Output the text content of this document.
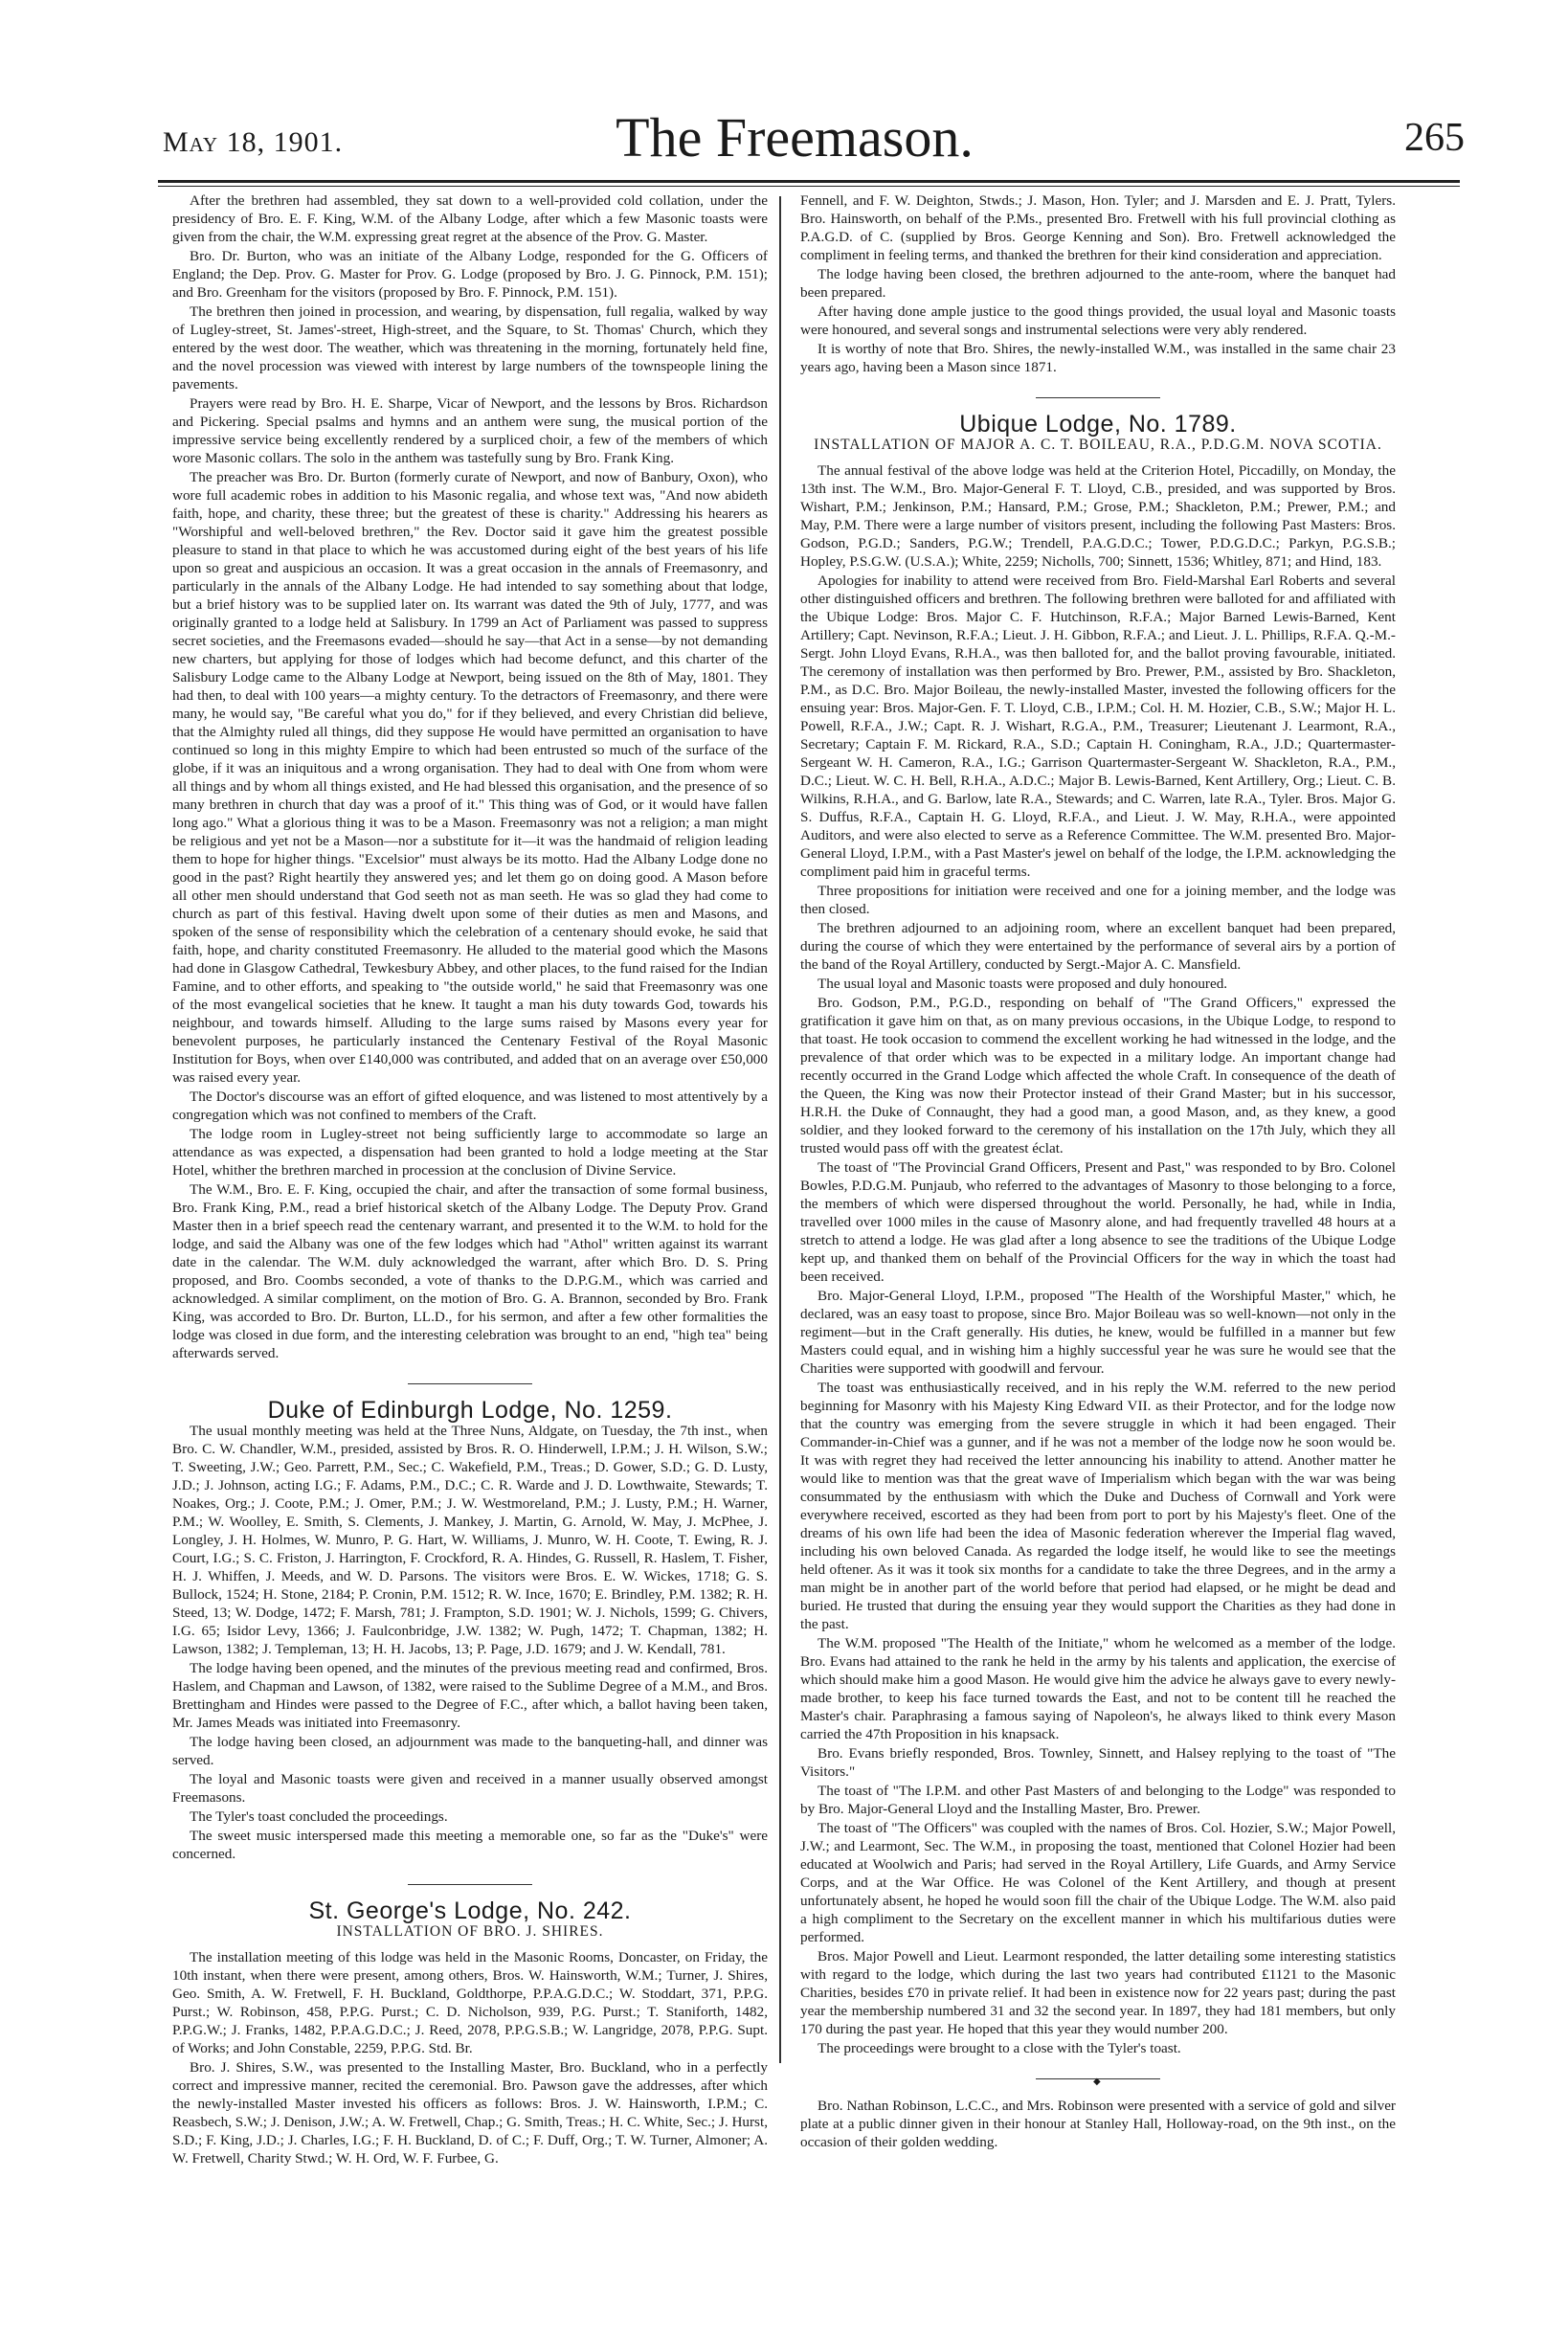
May 18, 1901.	The Freemason.	265

After the brethren had assembled, they sat down to a well-provided cold collation, under the presidency of Bro. E. F. King, W.M. of the Albany Lodge, after which a few Masonic toasts were given from the chair, the W.M. expressing great regret at the absence of the Prov. G. Master.

Bro. Dr. Burton, who was an initiate of the Albany Lodge, responded for the G. Officers of England; the Dep. Prov. G. Master for Prov. G. Lodge (proposed by Bro. J. G. Pinnock, P.M. 151); and Bro. Greenham for the visitors (proposed by Bro. F. Pinnock, P.M. 151).

The brethren then joined in procession, and wearing, by dispensation, full regalia, walked by way of Lugley-street, St. James'-street, High-street, and the Square, to St. Thomas' Church, which they entered by the west door. The weather, which was threatening in the morning, fortunately held fine, and the novel procession was viewed with interest by large numbers of the townspeople lining the pavements.

Prayers were read by Bro. H. E. Sharpe, Vicar of Newport, and the lessons by Bros. Richardson and Pickering. Special psalms and hymns and an anthem were sung, the musical portion of the impressive service being excellently rendered by a surpliced choir, a few of the members of which wore Masonic collars. The solo in the anthem was tastefully sung by Bro. Frank King.

The preacher was Bro. Dr. Burton (formerly curate of Newport, and now of Banbury, Oxon), who wore full academic robes in addition to his Masonic regalia, and whose text was, "And now abideth faith, hope, and charity, these three; but the greatest of these is charity." Addressing his hearers as "Worshipful and well-beloved brethren," the Rev. Doctor said it gave him the greatest possible pleasure to stand in that place to which he was accustomed during eight of the best years of his life upon so great and auspicious an occasion. It was a great occasion in the annals of Freemasonry, and particularly in the annals of the Albany Lodge. He had intended to say something about that lodge, but a brief history was to be supplied later on. Its warrant was dated the 9th of July, 1777, and was originally granted to a lodge held at Salisbury. In 1799 an Act of Parliament was passed to suppress secret societies, and the Freemasons evaded—should he say—that Act in a sense—by not demanding new charters, but applying for those of lodges which had become defunct, and this charter of the Salisbury Lodge came to the Albany Lodge at Newport, being issued on the 8th of May, 1801. They had then, to deal with 100 years—a mighty century. To the detractors of Freemasonry, and there were many, he would say, "Be careful what you do," for if they believed, and every Christian did believe, that the Almighty ruled all things, did they suppose He would have permitted an organisation to have continued so long in this mighty Empire to which had been entrusted so much of the surface of the globe, if it was an iniquitous and a wrong organisation. They had to deal with One from whom were all things and by whom all things existed, and He had blessed this organisation, and the presence of so many brethren in church that day was a proof of it." This thing was of God, or it would have fallen long ago." What a glorious thing it was to be a Mason. Freemasonry was not a religion; a man might be religious and yet not be a Mason—nor a substitute for it—it was the handmaid of religion leading them to hope for higher things. "Excelsior" must always be its motto. Had the Albany Lodge done no good in the past? Right heartily they answered yes; and let them go on doing good. A Mason before all other men should understand that God seeth not as man seeth. He was so glad they had come to church as part of this festival. Having dwelt upon some of their duties as men and Masons, and spoken of the sense of responsibility which the celebration of a centenary should evoke, he said that faith, hope, and charity constituted Freemasonry. He alluded to the material good which the Masons had done in Glasgow Cathedral, Tewkesbury Abbey, and other places, to the fund raised for the Indian Famine, and to other efforts, and speaking to "the outside world," he said that Freemasonry was one of the most evangelical societies that he knew. It taught a man his duty towards God, towards his neighbour, and towards himself. Alluding to the large sums raised by Masons every year for benevolent purposes, he particularly instanced the Centenary Festival of the Royal Masonic Institution for Boys, when over £140,000 was contributed, and added that on an average over £50,000 was raised every year.

The Doctor's discourse was an effort of gifted eloquence, and was listened to most attentively by a congregation which was not confined to members of the Craft.

The lodge room in Lugley-street not being sufficiently large to accommodate so large an attendance as was expected, a dispensation had been granted to hold a lodge meeting at the Star Hotel, whither the brethren marched in procession at the conclusion of Divine Service.

The W.M., Bro. E. F. King, occupied the chair, and after the transaction of some formal business, Bro. Frank King, P.M., read a brief historical sketch of the Albany Lodge. The Deputy Prov. Grand Master then in a brief speech read the centenary warrant, and presented it to the W.M. to hold for the lodge, and said the Albany was one of the few lodges which had "Athol" written against its warrant date in the calendar. The W.M. duly acknowledged the warrant, after which Bro. D. S. Pring proposed, and Bro. Coombs seconded, a vote of thanks to the D.P.G.M., which was carried and acknowledged. A similar compliment, on the motion of Bro. G. A. Brannon, seconded by Bro. Frank King, was accorded to Bro. Dr. Burton, LL.D., for his sermon, and after a few other formalities the lodge was closed in due form, and the interesting celebration was brought to an end, "high tea" being afterwards served.

Duke of Edinburgh Lodge, No. 1259.

The usual monthly meeting was held at the Three Nuns, Aldgate, on Tuesday, the 7th inst., when Bro. C. W. Chandler, W.M., presided, assisted by Bros. R. O. Hinderwell, I.P.M.; J. H. Wilson, S.W.; T. Sweeting, J.W.; Geo. Parrett, P.M., Sec.; C. Wakefield, P.M., Treas.; D. Gower, S.D.; G. D. Lusty, J.D.; J. Johnson, acting I.G.; F. Adams, P.M., D.C.; C. R. Warde and J. D. Lowthwaite, Stewards; T. Noakes, Org.; J. Coote, P.M.; J. Omer, P.M.; J. W. Westmoreland, P.M.; J. Lusty, P.M.; H. Warner, P.M.; W. Woolley, E. Smith, S. Clements, J. Mankey, J. Martin, G. Arnold, W. May, J. McPhee, J. Longley, J. H. Holmes, W. Munro, P. G. Hart, W. Williams, J. Munro, W. H. Coote, T. Ewing, R. J. Court, I.G.; S. C. Friston, J. Harrington, F. Crockford, R. A. Hindes, G. Russell, R. Haslem, T. Fisher, H. J. Whiffen, J. Meeds, and W. D. Parsons. The visitors were Bros. E. W. Wickes, 1718; G. S. Bullock, 1524; H. Stone, 2184; P. Cronin, P.M. 1512; R. W. Ince, 1670; E. Brindley, P.M. 1382; R. H. Steed, 13; W. Dodge, 1472; F. Marsh, 781; J. Frampton, S.D. 1901; W. J. Nichols, 1599; G. Chivers, I.G. 65; Isidor Levy, 1366; J. Faulconbridge, J.W. 1382; W. Pugh, 1472; T. Chapman, 1382; H. Lawson, 1382; J. Templeman, 13; H. H. Jacobs, 13; P. Page, J.D. 1679; and J. W. Kendall, 781.

The lodge having been opened, and the minutes of the previous meeting read and confirmed, Bros. Haslem, and Chapman and Lawson, of 1382, were raised to the Sublime Degree of a M.M., and Bros. Brettingham and Hindes were passed to the Degree of F.C., after which, a ballot having been taken, Mr. James Meads was initiated into Freemasonry.

The lodge having been closed, an adjournment was made to the banqueting-hall, and dinner was served.

The loyal and Masonic toasts were given and received in a manner usually observed amongst Freemasons.

The Tyler's toast concluded the proceedings.

The sweet music interspersed made this meeting a memorable one, so far as the "Duke's" were concerned.

St. George's Lodge, No. 242.
INSTALLATION OF BRO. J. SHIRES.

The installation meeting of this lodge was held in the Masonic Rooms, Doncaster, on Friday, the 10th instant, when there were present, among others, Bros. W. Hainsworth, W.M.; Turner, J. Shires, Geo. Smith, A. W. Fretwell, F. H. Buckland, Goldthorpe, P.P.A.G.D.C.; W. Stoddart, 371, P.P.G. Purst.; W. Robinson, 458, P.P.G. Purst.; C. D. Nicholson, 939, P.G. Purst.; T. Staniforth, 1482, P.P.G.W.; J. Franks, 1482, P.P.A.G.D.C.; J. Reed, 2078, P.P.G.S.B.; W. Langridge, 2078, P.P.G. Supt. of Works; and John Constable, 2259, P.P.G. Std. Br.

Bro. J. Shires, S.W., was presented to the Installing Master, Bro. Buckland, who in a perfectly correct and impressive manner, recited the ceremonial. Bro. Pawson gave the addresses, after which the newly-installed Master invested his officers as follows: Bros. J. W. Hainsworth, I.P.M.; C. Reasbech, S.W.; J. Denison, J.W.; A. W. Fretwell, Chap.; G. Smith, Treas.; H. C. White, Sec.; J. Hurst, S.D.; F. King, J.D.; J. Charles, I.G.; F. H. Buckland, D. of C.; F. Duff, Org.; T. W. Turner, Almoner; A. W. Fretwell, Charity Stwd.; W. H. Ord, W. F. Furbee, G.

Fennell, and F. W. Deighton, Stwds.; J. Mason, Hon. Tyler; and J. Marsden and E. J. Pratt, Tylers. Bro. Hainsworth, on behalf of the P.Ms., presented Bro. Fretwell with his full provincial clothing as P.A.G.D. of C. (supplied by Bros. George Kenning and Son). Bro. Fretwell acknowledged the compliment in feeling terms, and thanked the brethren for their kind consideration and appreciation.

The lodge having been closed, the brethren adjourned to the ante-room, where the banquet had been prepared.

After having done ample justice to the good things provided, the usual loyal and Masonic toasts were honoured, and several songs and instrumental selections were very ably rendered.

It is worthy of note that Bro. Shires, the newly-installed W.M., was installed in the same chair 23 years ago, having been a Mason since 1871.

Ubique Lodge, No. 1789.
INSTALLATION OF MAJOR A. C. T. BOILEAU, R.A., P.D.G.M. NOVA SCOTIA.

The annual festival of the above lodge was held at the Criterion Hotel, Piccadilly, on Monday, the 13th inst. The W.M., Bro. Major-General F. T. Lloyd, C.B., presided, and was supported by Bros. Wishart, P.M.; Jenkinson, P.M.; Hansard, P.M.; Grose, P.M.; Shackleton, P.M.; Prewer, P.M.; and May, P.M. There were a large number of visitors present, including the following Past Masters: Bros. Godson, P.G.D.; Sanders, P.G.W.; Trendell, P.A.G.D.C.; Tower, P.D.G.D.C.; Parkyn, P.G.S.B.; Hopley, P.S.G.W. (U.S.A.); White, 2259; Nicholls, 700; Sinnett, 1536; Whitley, 871; and Hind, 183.

Apologies for inability to attend were received from Bro. Field-Marshal Earl Roberts and several other distinguished officers and brethren. The following brethren were balloted for and affiliated with the Ubique Lodge: Bros. Major C. F. Hutchinson, R.F.A.; Major Barned Lewis-Barned, Kent Artillery; Capt. Nevinson, R.F.A.; Lieut. J. H. Gibbon, R.F.A.; and Lieut. J. L. Phillips, R.F.A. Q.-M.-Sergt. John Lloyd Evans, R.H.A., was then balloted for, and the ballot proving favourable, initiated. The ceremony of installation was then performed by Bro. Prewer, P.M., assisted by Bro. Shackleton, P.M., as D.C. Bro. Major Boileau, the newly-installed Master, invested the following officers for the ensuing year: Bros. Major-Gen. F. T. Lloyd, C.B., I.P.M.; Col. H. M. Hozier, C.B., S.W.; Major H. L. Powell, R.F.A., J.W.; Capt. R. J. Wishart, R.G.A., P.M., Treasurer; Lieutenant J. Learmont, R.A., Secretary; Captain F. M. Rickard, R.A., S.D.; Captain H. Coningham, R.A., J.D.; Quartermaster-Sergeant W. H. Cameron, R.A., I.G.; Garrison Quartermaster-Sergeant W. Shackleton, R.A., P.M., D.C.; Lieut. W. C. H. Bell, R.H.A., A.D.C.; Major B. Lewis-Barned, Kent Artillery, Org.; Lieut. C. B. Wilkins, R.H.A., and G. Barlow, late R.A., Stewards; and C. Warren, late R.A., Tyler. Bros. Major G. S. Duffus, R.F.A., Captain H. G. Lloyd, R.F.A., and Lieut. J. W. May, R.H.A., were appointed Auditors, and were also elected to serve as a Reference Committee. The W.M. presented Bro. Major-General Lloyd, I.P.M., with a Past Master's jewel on behalf of the lodge, the I.P.M. acknowledging the compliment paid him in graceful terms.

Three propositions for initiation were received and one for a joining member, and the lodge was then closed.

The brethren adjourned to an adjoining room, where an excellent banquet had been prepared, during the course of which they were entertained by the performance of several airs by a portion of the band of the Royal Artillery, conducted by Sergt.-Major A. C. Mansfield.

The usual loyal and Masonic toasts were proposed and duly honoured.

Bro. Godson, P.M., P.G.D., responding on behalf of "The Grand Officers," expressed the gratification it gave him on that, as on many previous occasions, in the Ubique Lodge, to respond to that toast. He took occasion to commend the excellent working he had witnessed in the lodge, and the prevalence of that order which was to be expected in a military lodge. An important change had recently occurred in the Grand Lodge which affected the whole Craft. In consequence of the death of the Queen, the King was now their Protector instead of their Grand Master; but in his successor, H.R.H. the Duke of Connaught, they had a good man, a good Mason, and, as they knew, a good soldier, and they looked forward to the ceremony of his installation on the 17th July, which they all trusted would pass off with the greatest éclat.

The toast of "The Provincial Grand Officers, Present and Past," was responded to by Bro. Colonel Bowles, P.D.G.M. Punjaub, who referred to the advantages of Masonry to those belonging to a force, the members of which were dispersed throughout the world. Personally, he had, while in India, travelled over 1000 miles in the cause of Masonry alone, and had frequently travelled 48 hours at a stretch to attend a lodge. He was glad after a long absence to see the traditions of the Ubique Lodge kept up, and thanked them on behalf of the Provincial Officers for the way in which the toast had been received.

Bro. Major-General Lloyd, I.P.M., proposed "The Health of the Worshipful Master," which, he declared, was an easy toast to propose, since Bro. Major Boileau was so well-known—not only in the regiment—but in the Craft generally. His duties, he knew, would be fulfilled in a manner but few Masters could equal, and in wishing him a highly successful year he was sure he would see that the Charities were supported with goodwill and fervour.

The toast was enthusiastically received, and in his reply the W.M. referred to the new period beginning for Masonry with his Majesty King Edward VII. as their Protector, and for the lodge now that the country was emerging from the severe struggle in which it had been engaged. Their Commander-in-Chief was a gunner, and if he was not a member of the lodge now he soon would be. It was with regret they had received the letter announcing his inability to attend. Another matter he would like to mention was that the great wave of Imperialism which began with the war was being consummated by the enthusiasm with which the Duke and Duchess of Cornwall and York were everywhere received, escorted as they had been from port to port by his Majesty's fleet. One of the dreams of his own life had been the idea of Masonic federation wherever the Imperial flag waved, including his own beloved Canada. As regarded the lodge itself, he would like to see the meetings held oftener. As it was it took six months for a candidate to take the three Degrees, and in the army a man might be in another part of the world before that period had elapsed, or he might be dead and buried. He trusted that during the ensuing year they would support the Charities as they had done in the past.

The W.M. proposed "The Health of the Initiate," whom he welcomed as a member of the lodge. Bro. Evans had attained to the rank he held in the army by his talents and application, the exercise of which should make him a good Mason. He would give him the advice he always gave to every newly-made brother, to keep his face turned towards the East, and not to be content till he reached the Master's chair. Paraphrasing a famous saying of Napoleon's, he always liked to think every Mason carried the 47th Proposition in his knapsack.

Bro. Evans briefly responded, Bros. Townley, Sinnett, and Halsey replying to the toast of "The Visitors."

The toast of "The I.P.M. and other Past Masters of and belonging to the Lodge" was responded to by Bro. Major-General Lloyd and the Installing Master, Bro. Prewer.

The toast of "The Officers" was coupled with the names of Bros. Col. Hozier, S.W.; Major Powell, J.W.; and Learmont, Sec. The W.M., in proposing the toast, mentioned that Colonel Hozier had been educated at Woolwich and Paris; had served in the Royal Artillery, Life Guards, and Army Service Corps, and at the War Office. He was Colonel of the Kent Artillery, and though at present unfortunately absent, he hoped he would soon fill the chair of the Ubique Lodge. The W.M. also paid a high compliment to the Secretary on the excellent manner in which his multifarious duties were performed.

Bros. Major Powell and Lieut. Learmont responded, the latter detailing some interesting statistics with regard to the lodge, which during the last two years had contributed £1121 to the Masonic Charities, besides £70 in private relief. It had been in existence now for 22 years past; during the past year the membership numbered 31 and 32 the second year. In 1897, they had 181 members, but only 170 during the past year. He hoped that this year they would number 200.

The proceedings were brought to a close with the Tyler's toast.

◆

Bro. Nathan Robinson, L.C.C., and Mrs. Robinson were presented with a service of gold and silver plate at a public dinner given in their honour at Stanley Hall, Holloway-road, on the 9th inst., on the occasion of their golden wedding.
